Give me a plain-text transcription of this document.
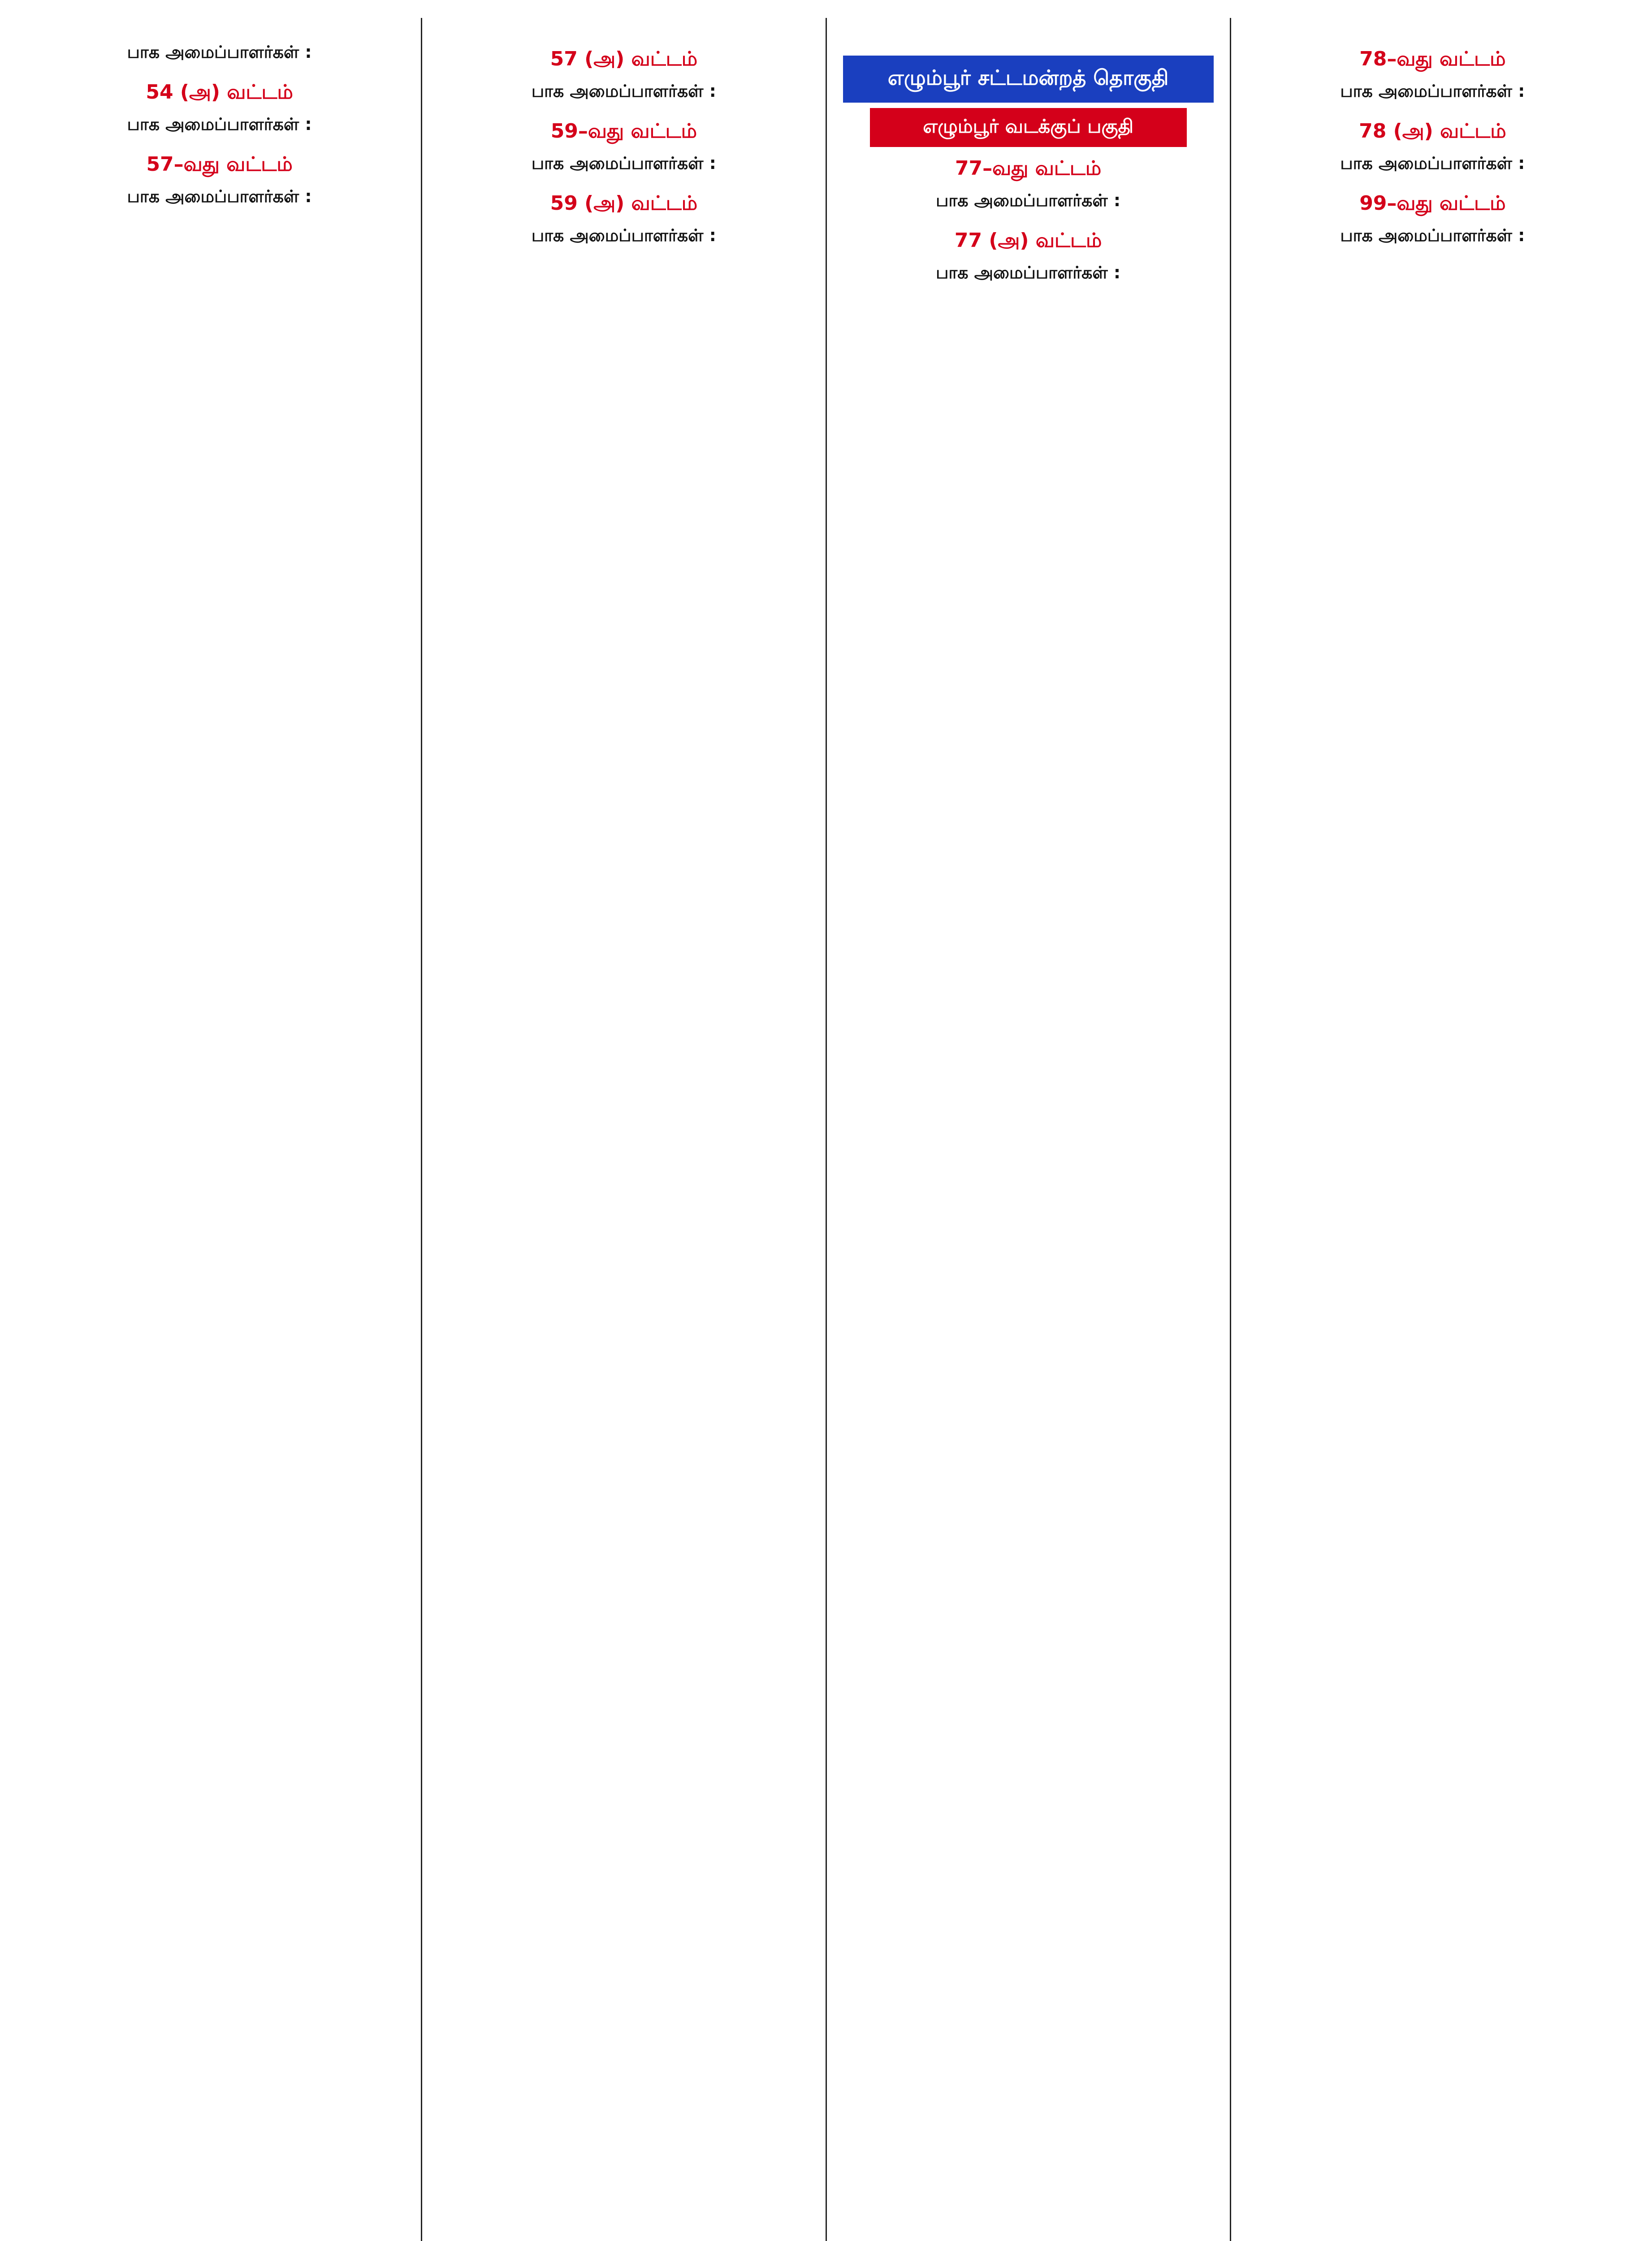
பாக அமைப்பாளர்கள் :
54 (அ) வட்டம்
பாக அமைப்பாளர்கள் :
57–வது வட்டம்
பாக அமைப்பாளர்கள் :
57 (அ) வட்டம்
பாக அமைப்பாளர்கள் :
59–வது வட்டம்
பாக அமைப்பாளர்கள் :
59 (அ) வட்டம்
பாக அமைப்பாளர்கள் :
எழும்பூர் சட்டமன்றத் தொகுதி
எழும்பூர் வடக்குப் பகுதி
77–வது வட்டம்
பாக அமைப்பாளர்கள் :
77 (அ) வட்டம்
பாக அமைப்பாளர்கள் :
78–வது வட்டம்
பாக அமைப்பாளர்கள் :
78 (அ) வட்டம்
பாக அமைப்பாளர்கள் :
99–வது வட்டம்
பாக அமைப்பாளர்கள் :
